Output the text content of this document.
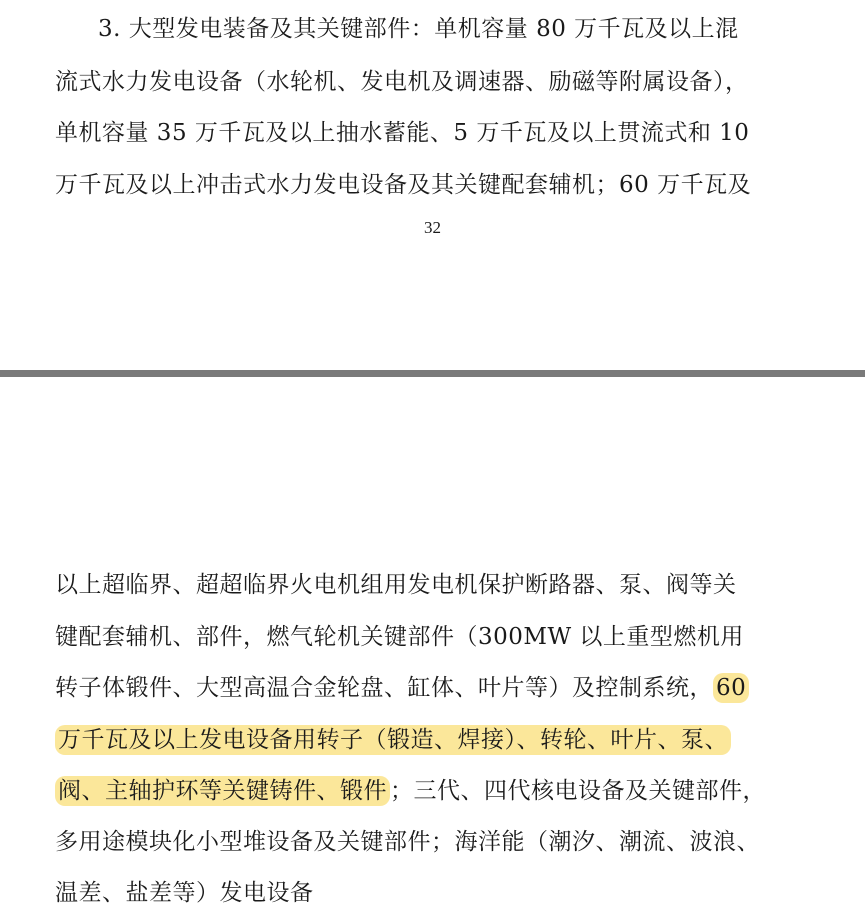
3. 大型发电装备及其关键部件：单机容量 80 万千瓦及以上混
流式水力发电设备（水轮机、发电机及调速器、励磁等附属设备），
单机容量 35 万千瓦及以上抽水蓄能、5 万千瓦及以上贯流式和 10
万千瓦及以上冲击式水力发电设备及其关键配套辅机；60 万千瓦及
32
以上超临界、超超临界火电机组用发电机保护断路器、泵、阀等关
键配套辅机、部件，燃气轮机关键部件（300MW 以上重型燃机用
转子体锻件、大型高温合金轮盘、缸体、叶片等）及控制系统， 60
万千瓦及以上发电设备用转子（锻造、焊接）、转轮、叶片、泵、
阀、主轴护环等关键铸件、锻件 ；三代、四代核电设备及关键部件，
多用途模块化小型堆设备及关键部件；海洋能（潮汐、潮流、波浪、
温差、盐差等）发电设备
